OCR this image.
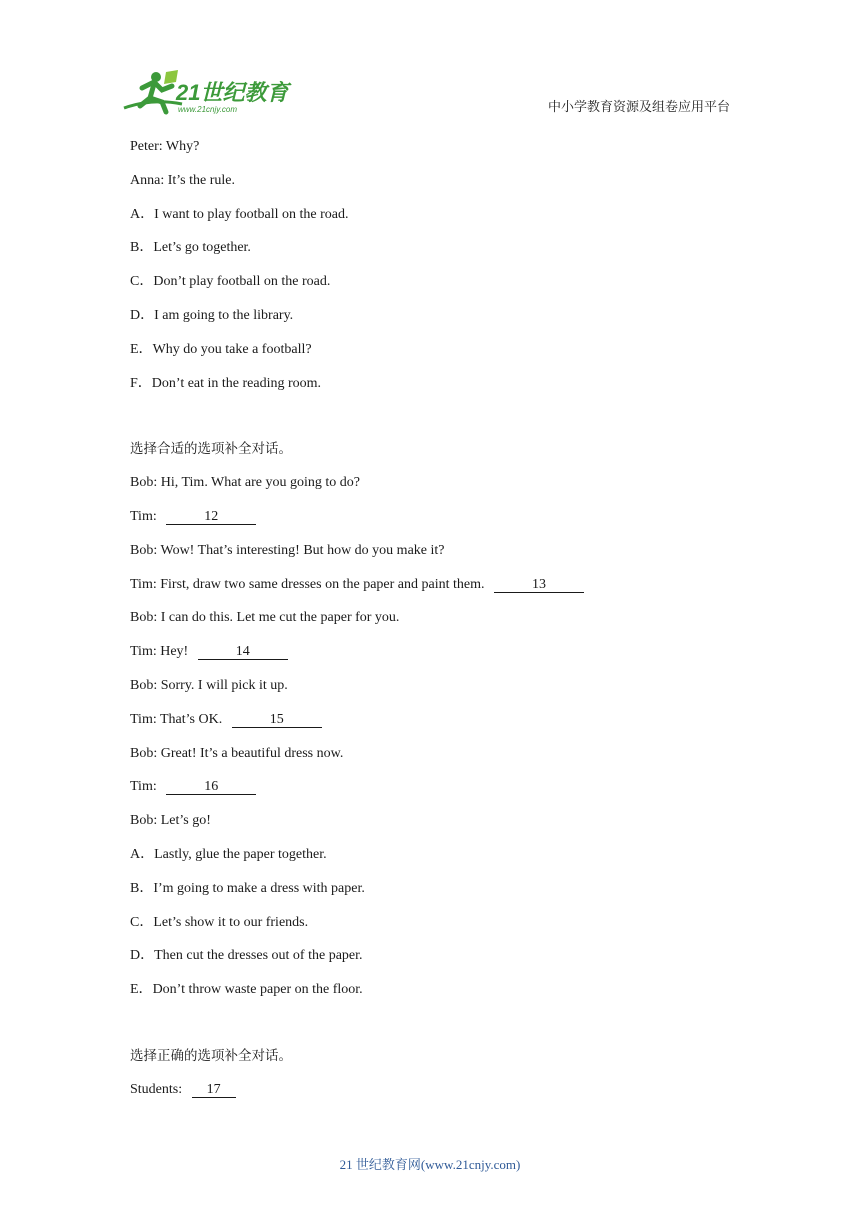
21世纪教育
www.21cnjy.com	中小学教育资源及组卷应用平台
Peter: Why?
Anna: It’s the rule.
A．I want to play football on the road.
B．Let’s go together.
C．Don’t play football on the road.
D．I am going to the library.
E．Why do you take a football?
F．Don’t eat in the reading room.
选择合适的选项补全对话。
Bob: Hi, Tim. What are you going to do?
Tim:	12
Bob: Wow! That’s interesting! But how do you make it?
Tim: First, draw two same dresses on the paper and paint them.	13
Bob: I can do this. Let me cut the paper for you.
Tim: Hey!	14
Bob: Sorry. I will pick it up.
Tim: That’s OK.	15
Bob: Great! It’s a beautiful dress now.
Tim:	16
Bob: Let’s go!
A．Lastly, glue the paper together.
B．I’m going to make a dress with paper.
C．Let’s show it to our friends.
D．Then cut the dresses out of the paper.
E．Don’t throw waste paper on the floor.
选择正确的选项补全对话。
Students: 17
21 世纪教育网(www.21cnjy.com)
